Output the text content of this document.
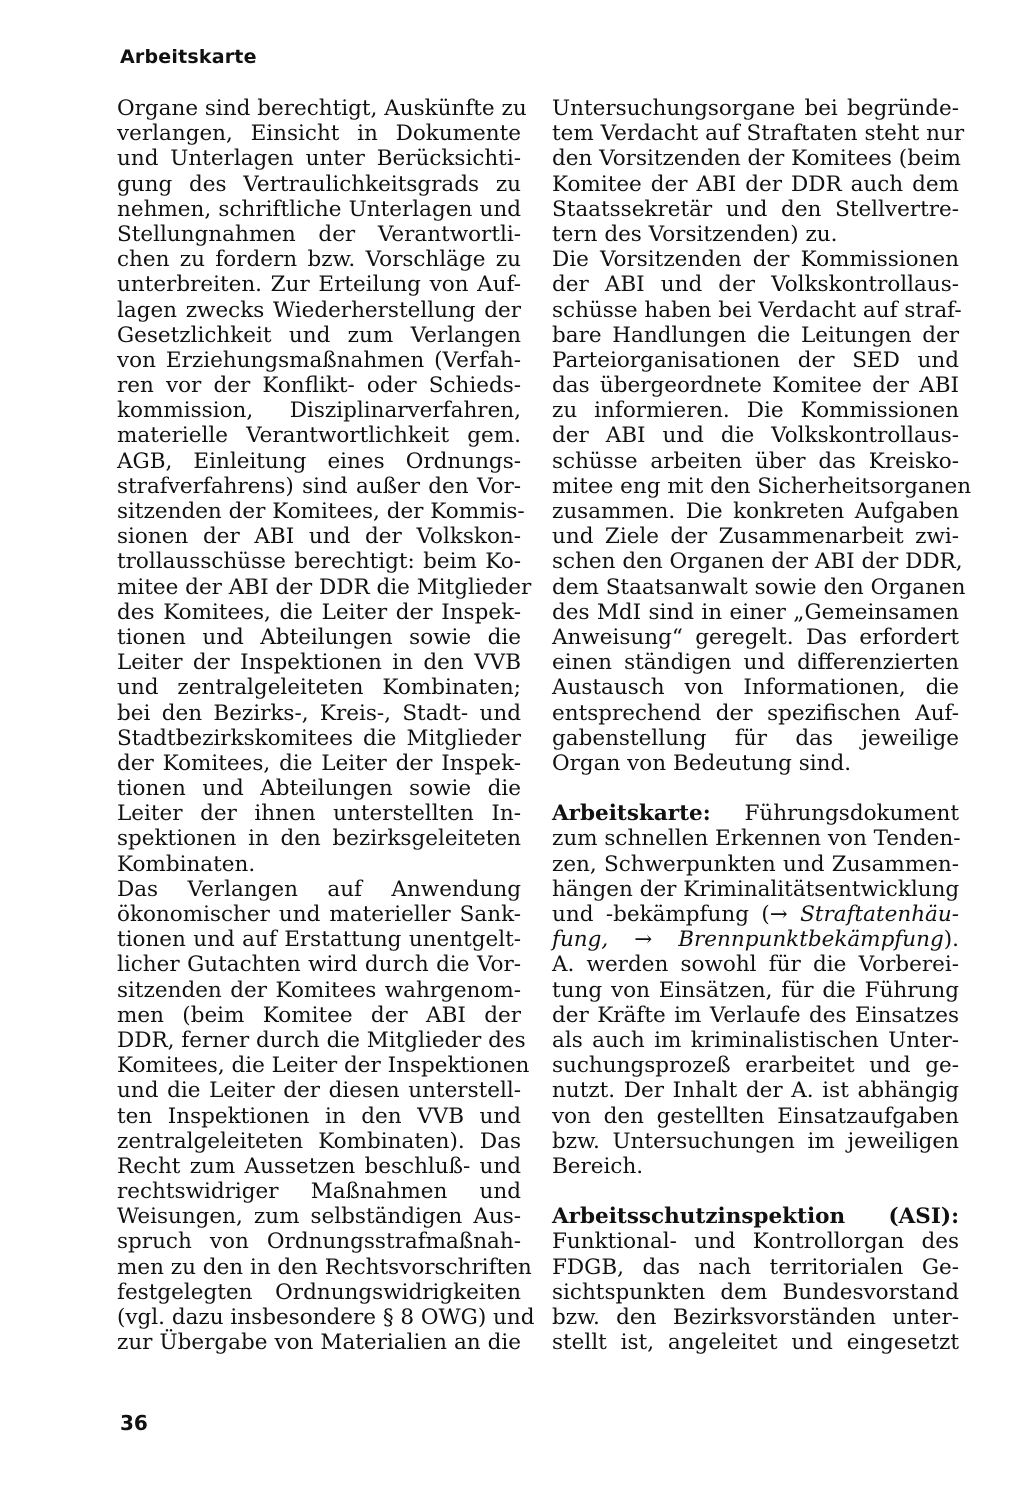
Arbeitskarte
Organe sind berechtigt, Auskünfte zu
verlangen, Einsicht in Dokumente
und Unterlagen unter Berücksichti-
gung des Vertraulichkeitsgrads zu
nehmen, schriftliche Unterlagen und
Stellungnahmen der Verantwortli-
chen zu fordern bzw. Vorschläge zu
unterbreiten. Zur Erteilung von Auf-
lagen zwecks Wiederherstellung der
Gesetzlichkeit und zum Verlangen
von Erziehungsmaßnahmen (Verfah-
ren vor der Konflikt- oder Schieds-
kommission, Disziplinarverfahren,
materielle Verantwortlichkeit gem.
AGB, Einleitung eines Ordnungs-
strafverfahrens) sind außer den Vor-
sitzenden der Komitees, der Kommis-
sionen der ABI und der Volkskon-
trollausschüsse berechtigt: beim Ko-
mitee der ABI der DDR die Mitglieder
des Komitees, die Leiter der Inspek-
tionen und Abteilungen sowie die
Leiter der Inspektionen in den VVB
und zentralgeleiteten Kombinaten;
bei den Bezirks-, Kreis-, Stadt- und
Stadtbezirkskomitees die Mitglieder
der Komitees, die Leiter der Inspek-
tionen und Abteilungen sowie die
Leiter der ihnen unterstellten In-
spektionen in den bezirksgeleiteten
Kombinaten.
Das Verlangen auf Anwendung
ökonomischer und materieller Sank-
tionen und auf Erstattung unentgelt-
licher Gutachten wird durch die Vor-
sitzenden der Komitees wahrgenom-
men (beim Komitee der ABI der
DDR, ferner durch die Mitglieder des
Komitees, die Leiter der Inspektionen
und die Leiter der diesen unterstell-
ten Inspektionen in den VVB und
zentralgeleiteten Kombinaten). Das
Recht zum Aussetzen beschluß- und
rechtswidriger Maßnahmen und
Weisungen, zum selbständigen Aus-
spruch von Ordnungsstrafmaßnah-
men zu den in den Rechtsvorschriften
festgelegten Ordnungswidrigkeiten
(vgl. dazu insbesondere § 8 OWG) und
zur Übergabe von Materialien an die
Untersuchungsorgane bei begründe-
tem Verdacht auf Straftaten steht nur
den Vorsitzenden der Komitees (beim
Komitee der ABI der DDR auch dem
Staatssekretär und den Stellvertre-
tern des Vorsitzenden) zu.
Die Vorsitzenden der Kommissionen
der ABI und der Volkskontrollaus-
schüsse haben bei Verdacht auf straf-
bare Handlungen die Leitungen der
Parteiorganisationen der SED und
das übergeordnete Komitee der ABI
zu informieren. Die Kommissionen
der ABI und die Volkskontrollaus-
schüsse arbeiten über das Kreisko-
mitee eng mit den Sicherheitsorganen
zusammen. Die konkreten Aufgaben
und Ziele der Zusammenarbeit zwi-
schen den Organen der ABI der DDR,
dem Staatsanwalt sowie den Organen
des MdI sind in einer „Gemeinsamen
Anweisung“ geregelt. Das erfordert
einen ständigen und differenzierten
Austausch von Informationen, die
entsprechend der spezifischen Auf-
gabenstellung für das jeweilige
Organ von Bedeutung sind.
Arbeitskarte: Führungsdokument
zum schnellen Erkennen von Tenden-
zen, Schwerpunkten und Zusammen-
hängen der Kriminalitätsentwicklung
und -bekämpfung (→ Straftatenhäu-
fung, → Brennpunktbekämpfung).
A. werden sowohl für die Vorberei-
tung von Einsätzen, für die Führung
der Kräfte im Verlaufe des Einsatzes
als auch im kriminalistischen Unter-
suchungsprozeß erarbeitet und ge-
nutzt. Der Inhalt der A. ist abhängig
von den gestellten Einsatzaufgaben
bzw. Untersuchungen im jeweiligen
Bereich.
Arbeitsschutzinspektion (ASI):
Funktional- und Kontrollorgan des
FDGB, das nach territorialen Ge-
sichtspunkten dem Bundesvorstand
bzw. den Bezirksvorständen unter-
stellt ist, angeleitet und eingesetzt
36
